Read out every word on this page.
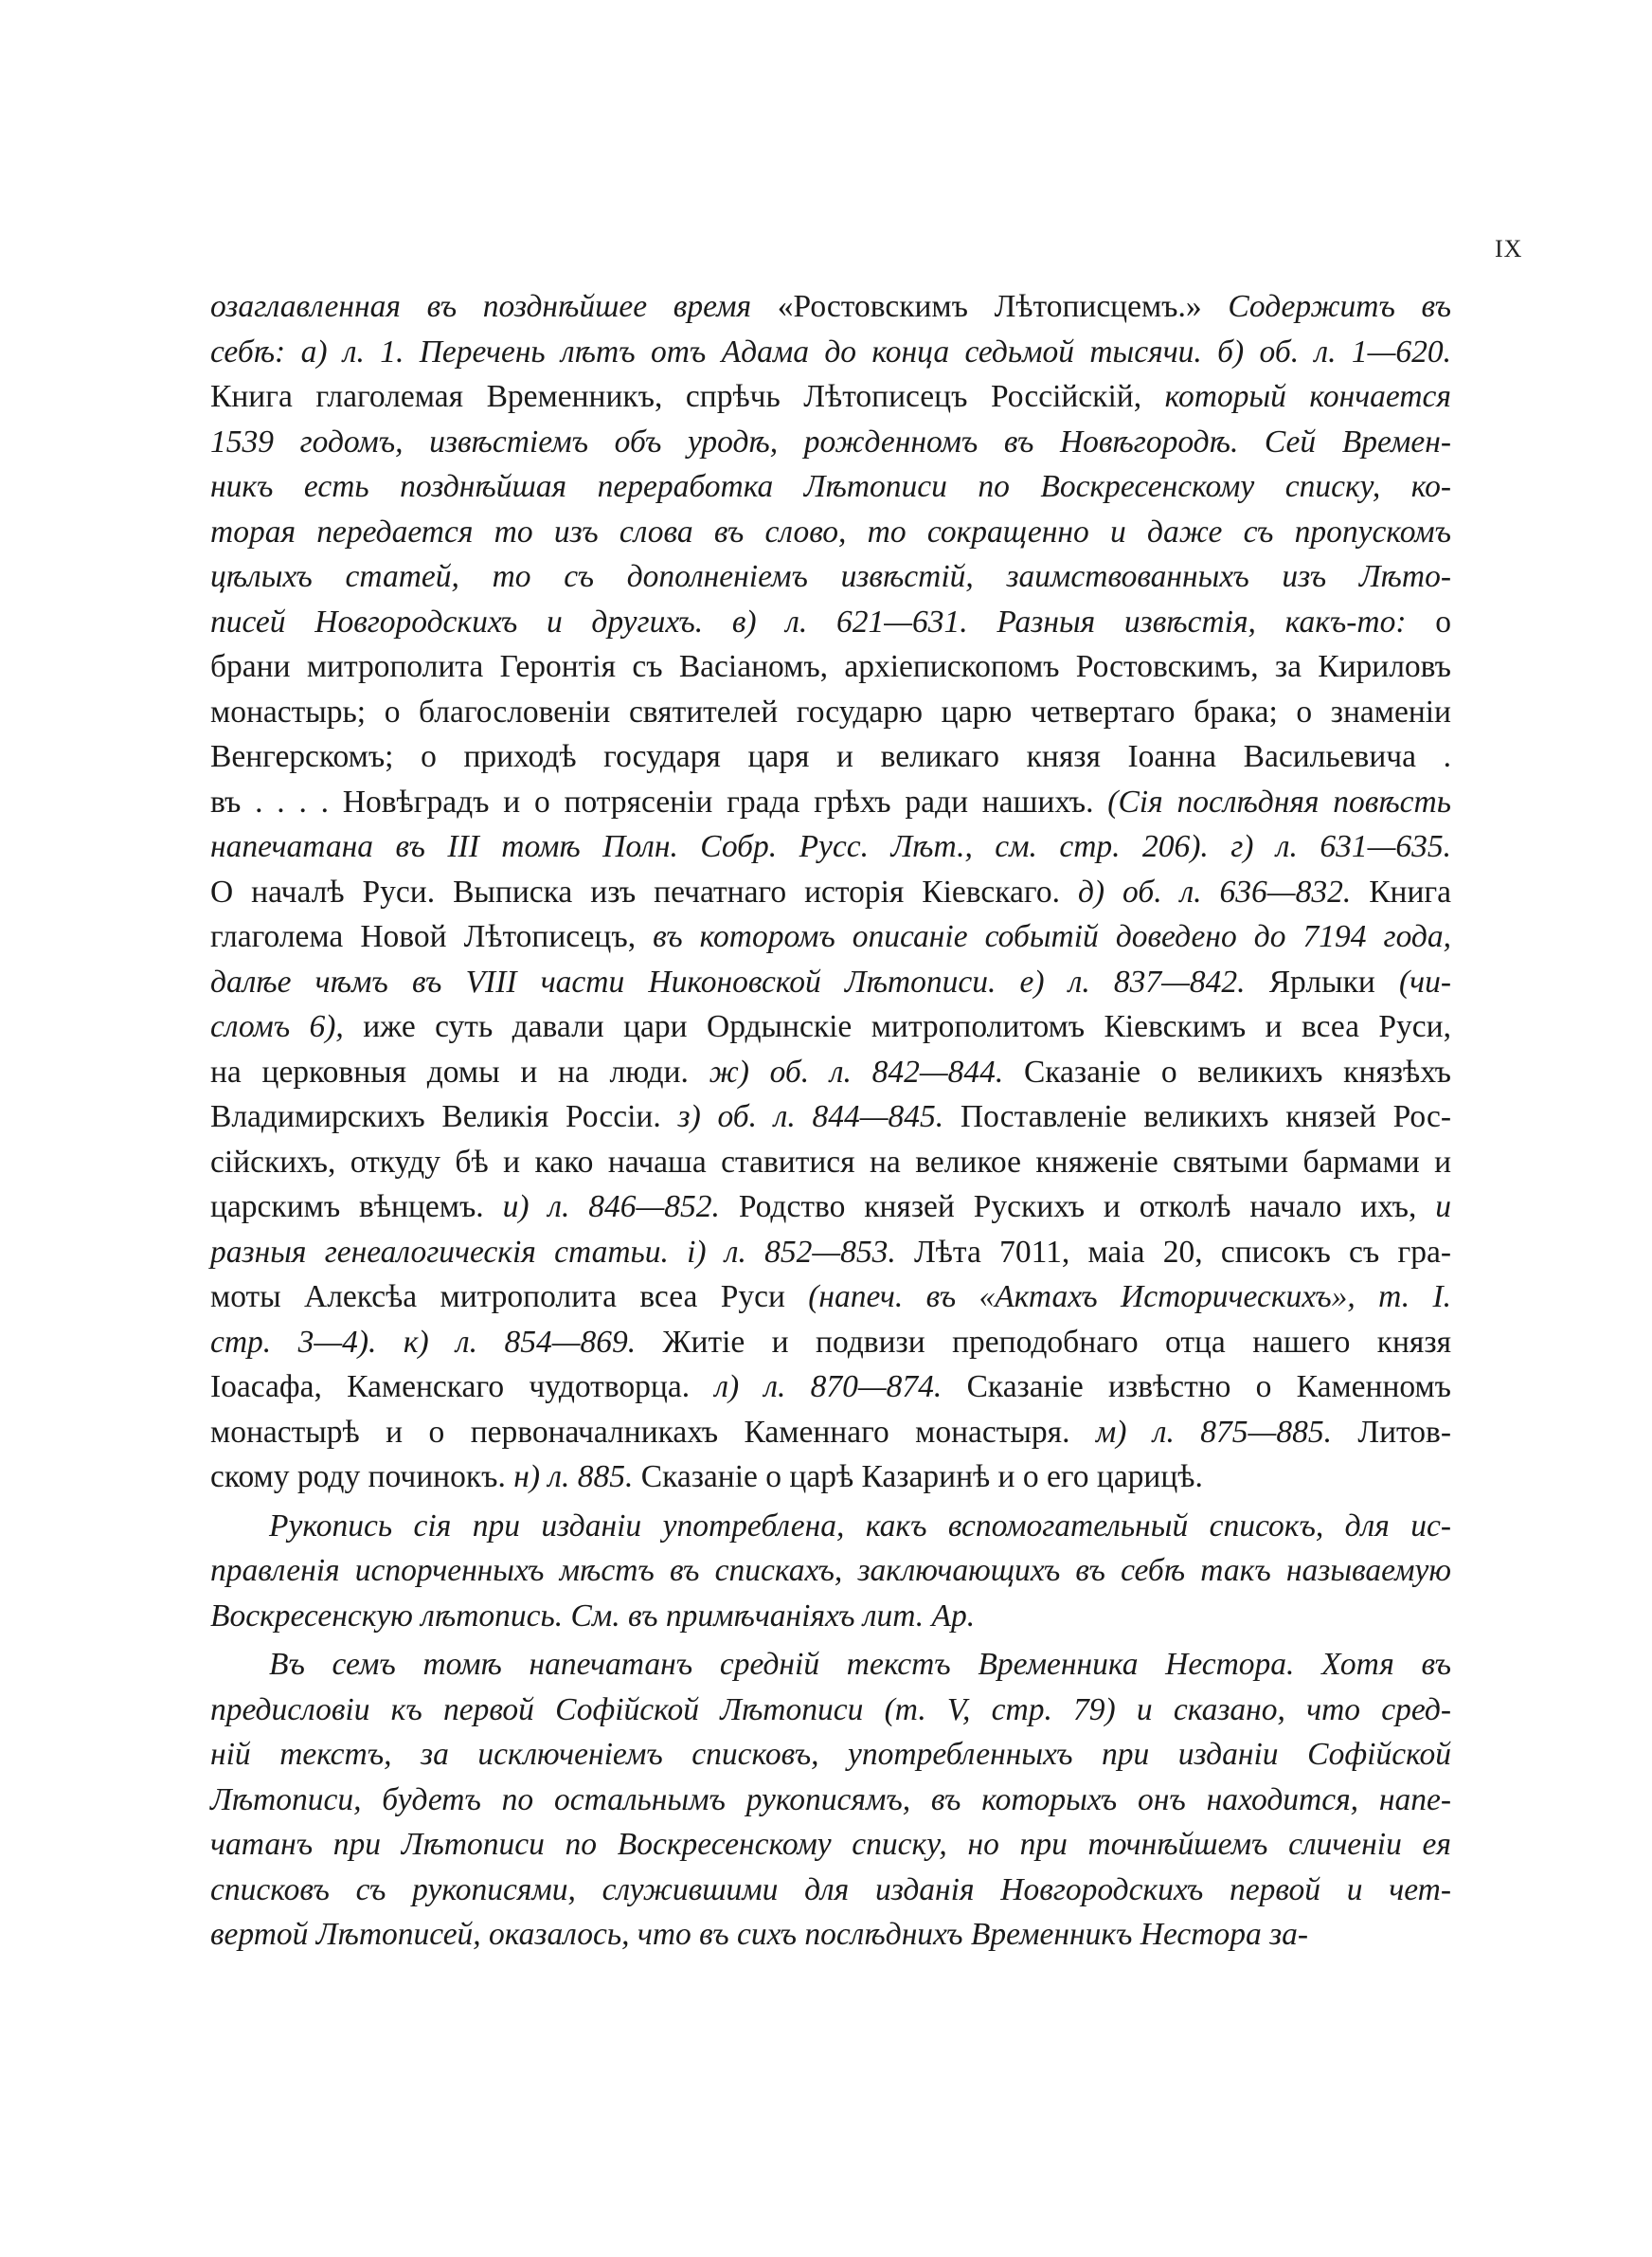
IX
озаглавленная въ позднѣйшее время «Ростовскимъ Лѣтописцемъ.» Содержитъ въ
себѣ: а) л. 1. Перечень лѣтъ отъ Адама до конца седьмой тысячи. б) об. л. 1—620.
Книга глаголемая Временникъ, спрѣчь Лѣтописецъ Россійскій, который кончается
1539 годомъ, извѣстіемъ объ уродѣ, рожденномъ въ Новѣгородѣ. Сей Времен-
никъ есть позднѣйшая переработка Лѣтописи по Воскресенскому списку, ко-
торая передается то изъ слова въ слово, то сокращенно и даже съ пропускомъ
цѣлыхъ статей, то съ дополненіемъ извѣстій, заимствованныхъ изъ Лѣто-
писей Новгородскихъ и другихъ. в) л. 621—631. Разныя извѣстія, какъ-то: о
брани митрополита Геронтія съ Васіаномъ, архіепископомъ Ростовскимъ, за Кириловъ
монастырь; о благословеніи святителей государю царю четвертаго брака; о знаменіи
Венгерскомъ; о приходѣ государя царя и великаго князя Іоанна Васильевича .
въ . . . . Новѣградъ и о потрясеніи града грѣхъ ради нашихъ. (Сія послѣдняя повѣсть
напечатана въ III томѣ Полн. Собр. Русс. Лѣт., см. стр. 206). г) л. 631—635.
О началѣ Руси. Выписка изъ печатнаго исторія Кіевскаго. д) об. л. 636—832. Книга
глаголема Новой Лѣтописецъ, въ которомъ описаніе событій доведено до 7194 года,
далѣе чѣмъ въ VIII части Никоновской Лѣтописи. е) л. 837—842. Ярлыки (чи-
сломъ 6), иже суть давали цари Ордынскіе митрополитомъ Кіевскимъ и всеа Руси,
на церковныя домы и на люди. ж) об. л. 842—844. Сказаніе о великихъ князѣхъ
Владимирскихъ Великія Россіи. з) об. л. 844—845. Поставленіе великихъ князей Рос-
сійскихъ, откуду бѣ и како начаша ставитися на великое княженіе святыми бармами и
царскимъ вѣнцемъ. и) л. 846—852. Родство князей Рускихъ и отколѣ начало ихъ, и
разныя генеалогическія статьи. і) л. 852—853. Лѣта 7011, маіа 20, списокъ съ гра-
моты Алексѣа митрополита всеа Руси (напеч. въ «Актахъ Историческихъ», т. I.
стр. 3—4). к) л. 854—869. Житіе и подвизи преподобнаго отца нашего князя
Іоасафа, Каменскаго чудотворца. л) л. 870—874. Сказаніе извѣстно о Каменномъ
монастырѣ и о первоначалникахъ Каменнаго монастыря. м) л. 875—885. Литов-
скому роду починокъ. н) л. 885. Сказаніе о царѣ Казаринѣ и о его царицѣ.
Рукопись сія при изданіи употреблена, какъ вспомогательный списокъ, для ис-
правленія испорченныхъ мѣстъ въ спискахъ, заключающихъ въ себѣ такъ называемую
Воскресенскую лѣтопись. См. въ примѣчаніяхъ лит. Ар.
Въ семъ томѣ напечатанъ средній текстъ Временника Нестора. Хотя въ
предисловіи къ первой Софійской Лѣтописи (т. V, стр. 79) и сказано, что сред-
ній текстъ, за исключеніемъ списковъ, употребленныхъ при изданіи Софійской
Лѣтописи, будетъ по остальнымъ рукописямъ, въ которыхъ онъ находится, напе-
чатанъ при Лѣтописи по Воскресенскому списку, но при точнѣйшемъ сличеніи ея
списковъ съ рукописями, служившими для изданія Новгородскихъ первой и чет-
вертой Лѣтописей, оказалось, что въ сихъ послѣднихъ Временникъ Нестора за-
